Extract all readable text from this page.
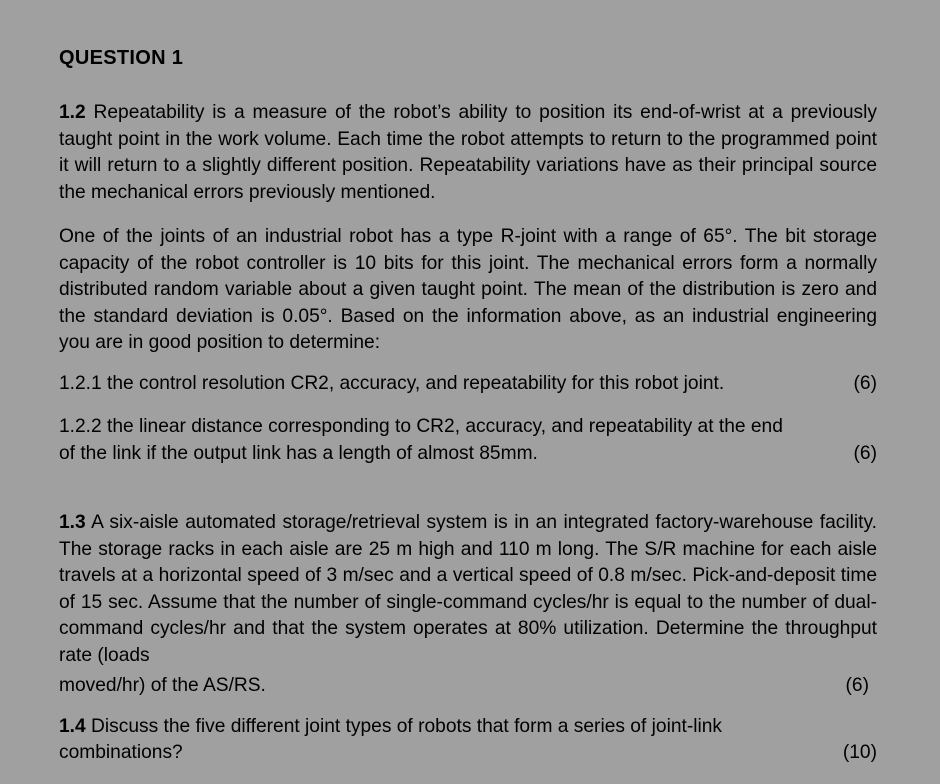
QUESTION 1
1.2 Repeatability is a measure of the robot’s ability to position its end-of-wrist at a previously taught point in the work volume. Each time the robot attempts to return to the programmed point it will return to a slightly different position. Repeatability variations have as their principal source the mechanical errors previously mentioned.
One of the joints of an industrial robot has a type R-joint with a range of 65°. The bit storage capacity of the robot controller is 10 bits for this joint. The mechanical errors form a normally distributed random variable about a given taught point. The mean of the distribution is zero and the standard deviation is 0.05°. Based on the information above, as an industrial engineering you are in good position to determine:
1.2.1 the control resolution CR2, accuracy, and repeatability for this robot joint.	(6)
1.2.2 the linear distance corresponding to CR2, accuracy, and repeatability at the end
of the link if the output link has a length of almost 85mm.	(6)
1.3 A six-aisle automated storage/retrieval system is in an integrated factory-warehouse facility. The storage racks in each aisle are 25 m high and 110 m long. The S/R machine for each aisle travels at a horizontal speed of 3 m/sec and a vertical speed of 0.8 m/sec. Pick-and-deposit time of 15 sec. Assume that the number of single-command cycles/hr is equal to the number of dual-command cycles/hr and that the system operates at 80% utilization. Determine the throughput rate (loads
moved/hr) of the AS/RS.	(6)
1.4 Discuss the five different joint types of robots that form a series of joint-link
combinations?	(10)
